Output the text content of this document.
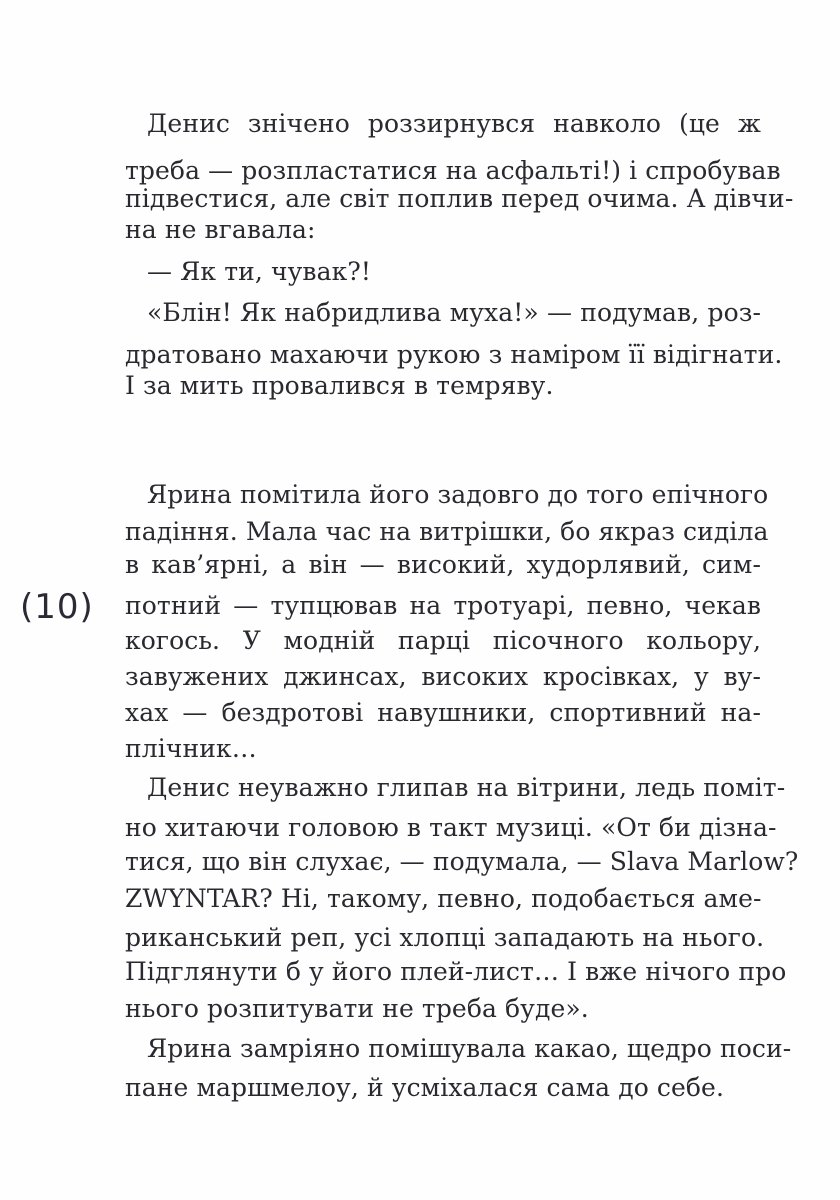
Денис знічено роззирнувся навколо (це ж
треба — розпластатися на асфальті!) і спробував
підвестися, але світ поплив перед очима. А дівчи-
на не вгавала:
— Як ти, чувак?!
«Блін! Як набридлива муха!» — подумав, роз-
дратовано махаючи рукою з наміром її відігнати.
І за мить провалився в темряву.
Ярина помітила його задовго до того епічного
падіння. Мала час на витрішки, бо якраз сиділа
в кав’ярні, а він — високий, худорлявий, сим-
потний — тупцював на тротуарі, певно, чекав
когось. У модній парці пісочного кольору,
завужених джинсах, високих кросівках, у ву-
хах — бездротові навушники, спортивний на-
плічник…
Денис неуважно глипав на вітрини, ледь поміт-
но хитаючи головою в такт музиці. «От би дізна-
тися, що він слухає, — подумала, — Slava Marlow?
ZWYNTAR? Ні, такому, певно, подобається аме-
риканський реп, усі хлопці западають на нього.
Підглянути б у його плей-лист… І вже нічого про
нього розпитувати не треба буде».
Ярина замріяно помішувала какао, щедро поси-
пане маршмелоу, й усміхалася сама до себе.
(10)
